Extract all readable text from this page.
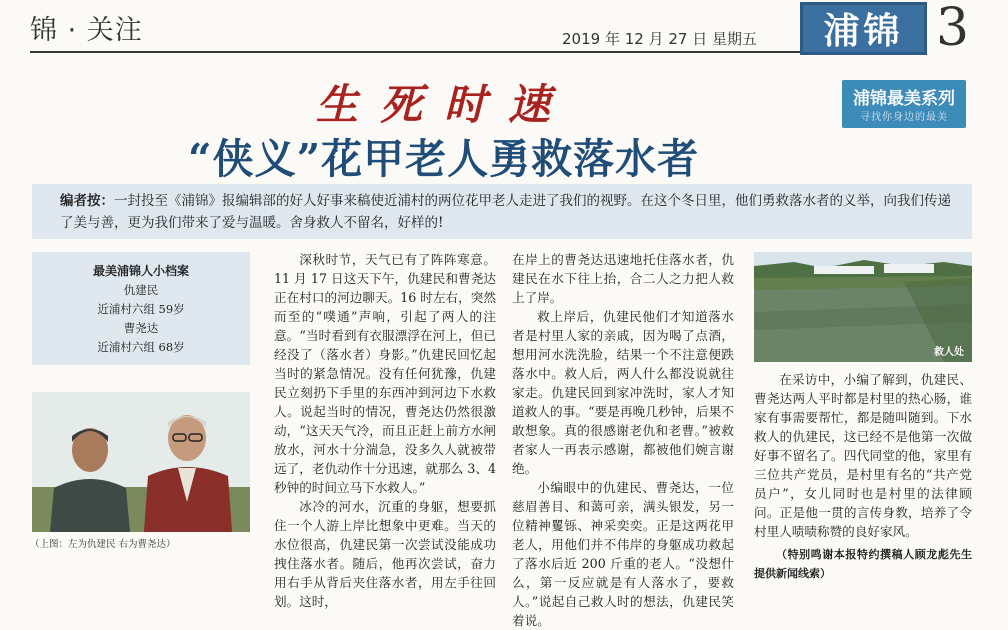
锦 · 关注	2019 年 12 月 27 日 星期五	浦锦 3
生死时速
“侠义”花甲老人勇救落水者
浦锦最美系列
寻找你身边的最美
编者按：一封投至《浦锦》报编辑部的好人好事来稿使近浦村的两位花甲老人走进了我们的视野。在这个冬日里，他们勇救落水者的义举，向我们传递了美与善，更为我们带来了爱与温暖。舍身救人不留名，好样的!
最美浦锦人小档案
仇建民
近浦村六组 59岁
曹尧达
近浦村六组 68岁
（上图：左为仇建民 右为曹尧达）
救人处

深秋时节，天气已有了阵阵寒意。11 月 17 日这天下午，仇建民和曹尧达正在村口的河边聊天。16 时左右，突然而至的“噗通”声响，引起了两人的注意。“当时看到有衣服漂浮在河上，但已经没了（落水者）身影。”仇建民回忆起当时的紧急情况。没有任何犹豫，仇建民立刻扔下手里的东西冲到河边下水救人。说起当时的情况，曹尧达仍然很激动，“这天天气冷，而且正赶上前方水闸放水，河水十分湍急，没多久人就被带远了，老仇动作十分迅速，就那么 3、4 秒钟的时间立马下水救人。”

冰冷的河水，沉重的身躯，想要抓住一个人游上岸比想象中更难。当天的水位很高，仇建民第一次尝试没能成功拽住落水者。随后，他再次尝试，奋力用右手从背后夹住落水者，用左手往回划。这时，

在岸上的曹尧达迅速地托住落水者，仇建民在水下往上抬，合二人之力把人救上了岸。

救上岸后，仇建民他们才知道落水者是村里人家的亲戚，因为喝了点酒，想用河水洗洗脸，结果一个不注意便跌落水中。救人后，两人什么都没说就往家走。仇建民回到家冲洗时，家人才知道救人的事。“要是再晚几秒钟，后果不敢想象。真的很感谢老仇和老曹。”被救者家人一再表示感谢，都被他们婉言谢绝。

小编眼中的仇建民、曹尧达，一位慈眉善目、和蔼可亲，满头银发，另一位精神矍铄、神采奕奕。正是这两花甲老人，用他们并不伟岸的身躯成功救起了落水后近 200 斤重的老人。“没想什么，第一反应就是有人落水了，要救人。”说起自己救人时的想法，仇建民笑着说。

在采访中，小编了解到，仇建民、曹尧达两人平时都是村里的热心肠，谁家有事需要帮忙，都是随叫随到。下水救人的仇建民，这已经不是他第一次做好事不留名了。四代同堂的他，家里有三位共产党员，是村里有名的“共产党员户”，女儿同时也是村里的法律顾问。正是他一贯的言传身教，培养了令村里人啧啧称赞的良好家风。

（特别鸣谢本报特约撰稿人顾龙彪先生提供新闻线索）
